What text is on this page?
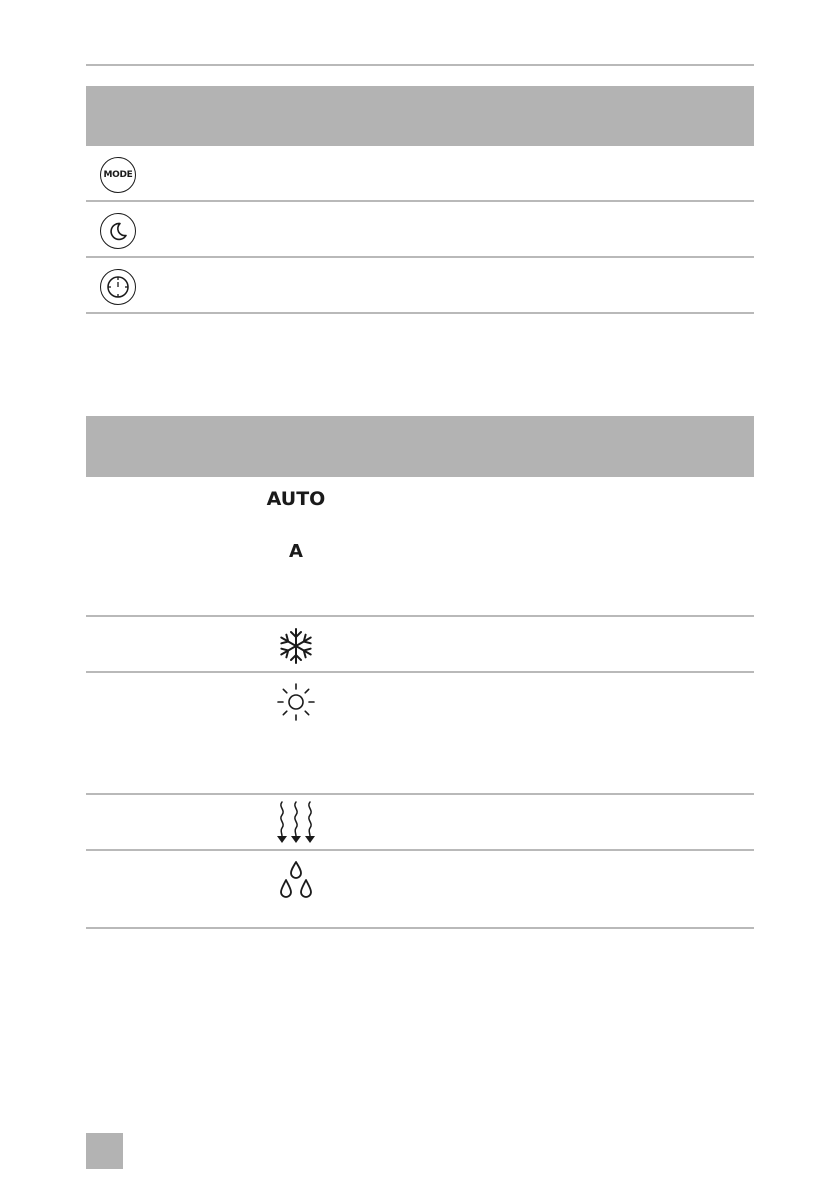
MODE
AUTO
A
